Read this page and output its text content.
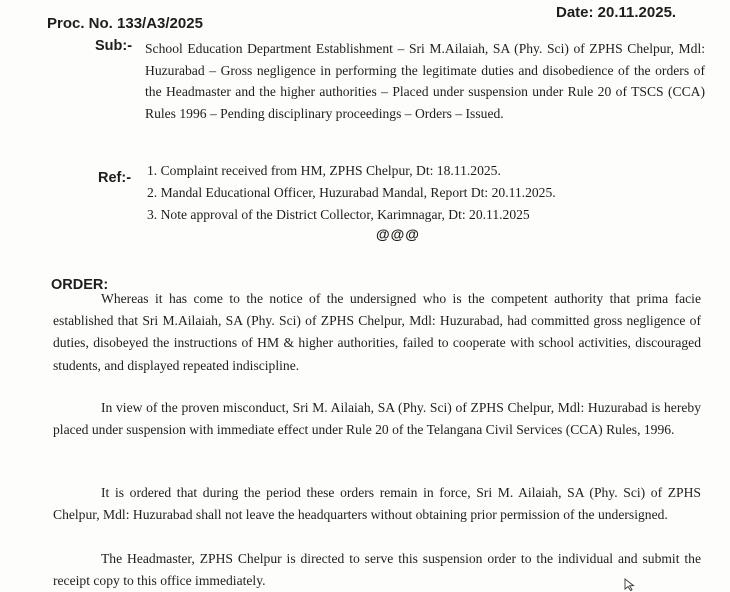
Proc. No. 133/A3/2025
Date: 20.11.2025.
Sub:- School Education Department Establishment – Sri M.Ailaiah, SA (Phy. Sci) of ZPHS Chelpur, Mdl: Huzurabad – Gross negligence in performing the legitimate duties and disobedience of the orders of the Headmaster and the higher authorities – Placed under suspension under Rule 20 of TSCS (CCA) Rules 1996 – Pending disciplinary proceedings – Orders – Issued.
Ref:- 1. Complaint received from HM, ZPHS Chelpur, Dt: 18.11.2025.
2. Mandal Educational Officer, Huzurabad Mandal, Report Dt: 20.11.2025.
3. Note approval of the District Collector, Karimnagar, Dt: 20.11.2025
@@@
ORDER:
Whereas it has come to the notice of the undersigned who is the competent authority that prima facie established that Sri M.Ailaiah, SA (Phy. Sci) of ZPHS Chelpur, Mdl: Huzurabad, had committed gross negligence of duties, disobeyed the instructions of HM & higher authorities, failed to cooperate with school activities, discouraged students, and displayed repeated indiscipline.
In view of the proven misconduct, Sri M. Ailaiah, SA (Phy. Sci) of ZPHS Chelpur, Mdl: Huzurabad is hereby placed under suspension with immediate effect under Rule 20 of the Telangana Civil Services (CCA) Rules, 1996.
It is ordered that during the period these orders remain in force, Sri M. Ailaiah, SA (Phy. Sci) of ZPHS Chelpur, Mdl: Huzurabad shall not leave the headquarters without obtaining prior permission of the undersigned.
The Headmaster, ZPHS Chelpur is directed to serve this suspension order to the individual and submit the receipt copy to this office immediately.
